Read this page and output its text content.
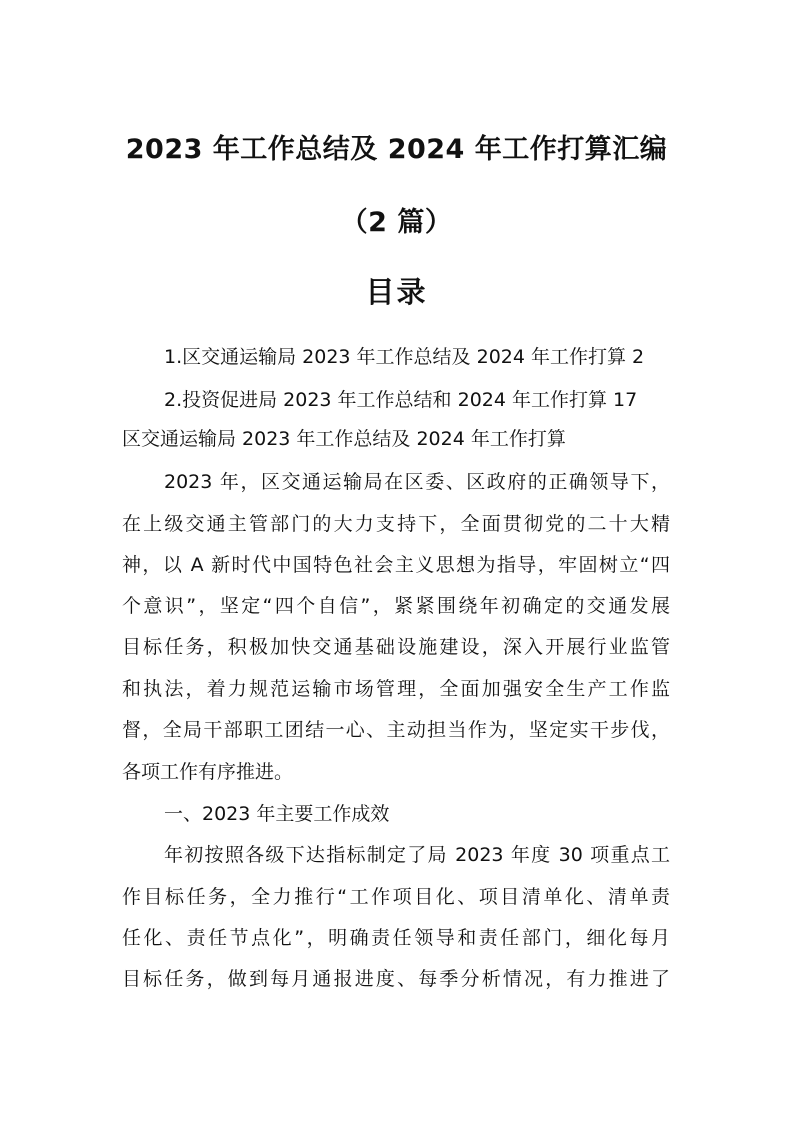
2023 年工作总结及 2024 年工作打算汇编
（2 篇）
目录
1.区交通运输局 2023 年工作总结及 2024 年工作打算 2
2.投资促进局 2023 年工作总结和 2024 年工作打算 17
区交通运输局 2023 年工作总结及 2024 年工作打算
2023 年，区交通运输局在区委、区政府的正确领导下，
在上级交通主管部门的大力支持下，全面贯彻党的二十大精
神，以 A 新时代中国特色社会主义思想为指导，牢固树立“四
个意识”，坚定“四个自信”，紧紧围绕年初确定的交通发展
目标任务，积极加快交通基础设施建设，深入开展行业监管
和执法，着力规范运输市场管理，全面加强安全生产工作监
督，全局干部职工团结一心、主动担当作为，坚定实干步伐，
各项工作有序推进。
一、2023 年主要工作成效
年初按照各级下达指标制定了局 2023 年度 30 项重点工
作目标任务，全力推行“工作项目化、项目清单化、清单责
任化、责任节点化”，明确责任领导和责任部门，细化每月
目标任务，做到每月通报进度、每季分析情况，有力推进了
